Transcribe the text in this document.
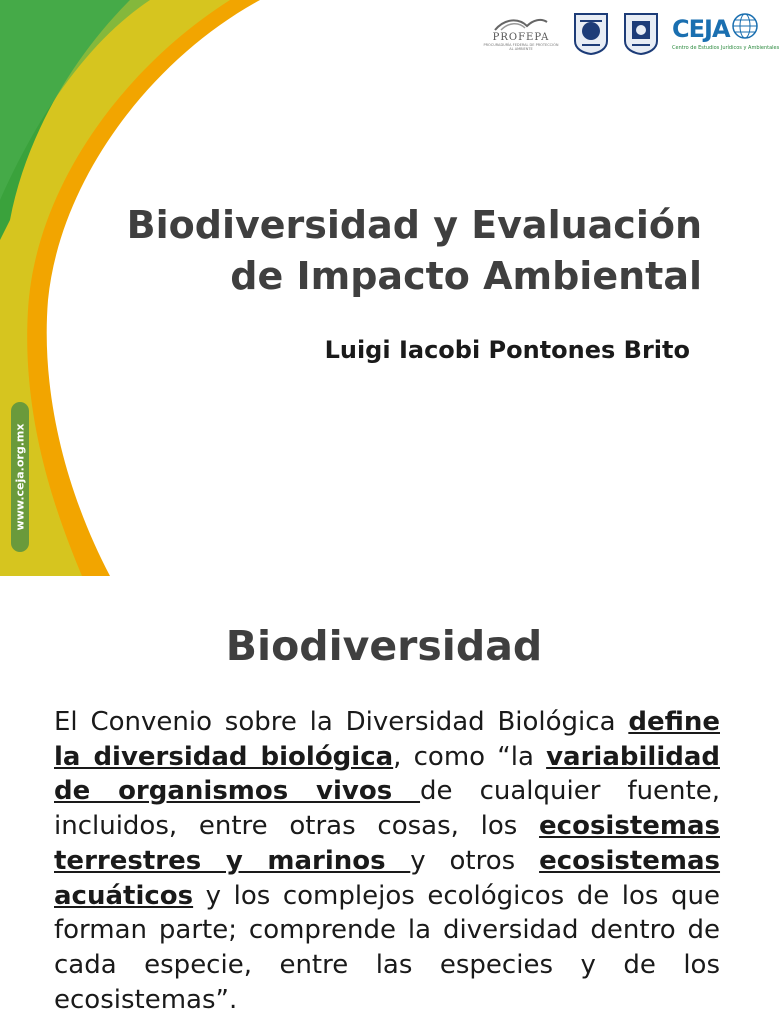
PROFEPA
PROCURADURÍA FEDERAL DE PROTECCIÓN AL AMBIENTE
CEJA
Centro de Estudios Jurídicos y Ambientales
www.ceja.org.mx
Biodiversidad y Evaluación
de Impacto Ambiental
Luigi Iacobi Pontones Brito
Biodiversidad
El Convenio sobre la Diversidad Biológica define la diversidad biológica, como “la variabilidad de organismos vivos de cualquier fuente, incluidos, entre otras cosas, los ecosistemas terrestres y marinos y otros ecosistemas acuáticos y los complejos ecológicos de los que forman parte; comprende la diversidad dentro de cada especie, entre las especies y de los ecosistemas”.
